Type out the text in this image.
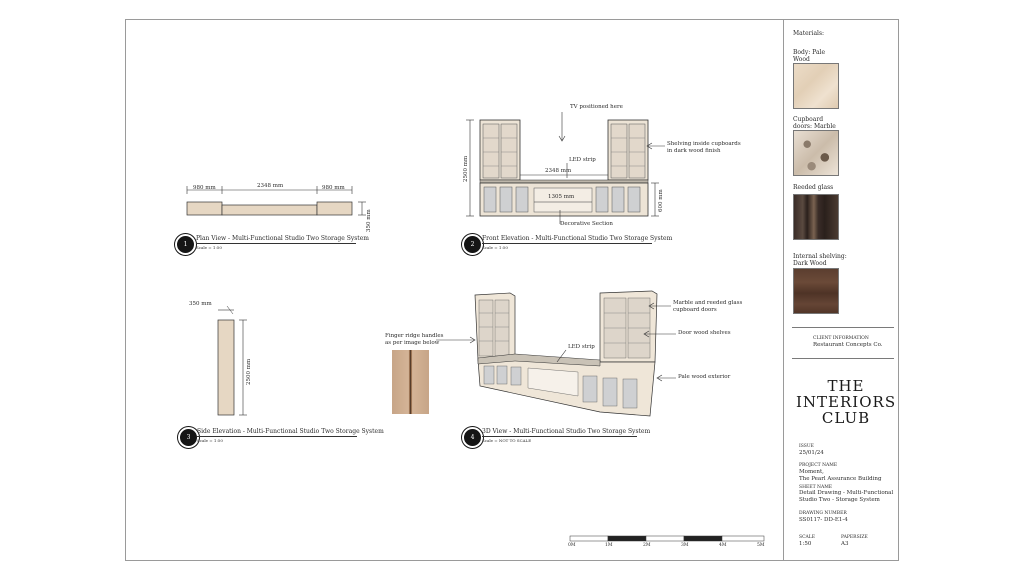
980 mm	2348 mm	980 mm
350 mm
1
Plan View - Multi-Functional Studio Two Storage System
Scale = 1:50
TV positioned here
LED strip
2348 mm
1305 mm
Decorative Section
Shelving inside cupboards in dark wood finish
2500 mm
600 mm
2
Front Elevation - Multi-Functional Studio Two Storage System
Scale = 1:50
350 mm
2500 mm
3
Side Elevation - Multi-Functional Studio Two Storage System
Scale = 1:50
Finger ridge handles as per image below
LED strip
Marble and reeded glass cupboard doors
Door wood shelves
Pale wood exterior
4
3D View - Multi-Functional Studio Two Storage System
Scale = NOT TO SCALE
0M	1M	2M	3M	4M	5M
Materials:
Body: Pale Wood
Cupboard doors: Marble
Reeded glass
Internal shelving: Dark Wood
CLIENT INFORMATION
Restaurant Concepts Co.
THE
INTERIORS
CLUB
ISSUE
25/01/24
PROJECT NAME
Moment,
The Pearl Assurance Building
SHEET NAME
Detail Drawing - Multi-Functional
Studio Two - Storage System
DRAWING NUMBER
SS0117- DD-E1-4
SCALE
1:50
PAPERSIZE
A3
